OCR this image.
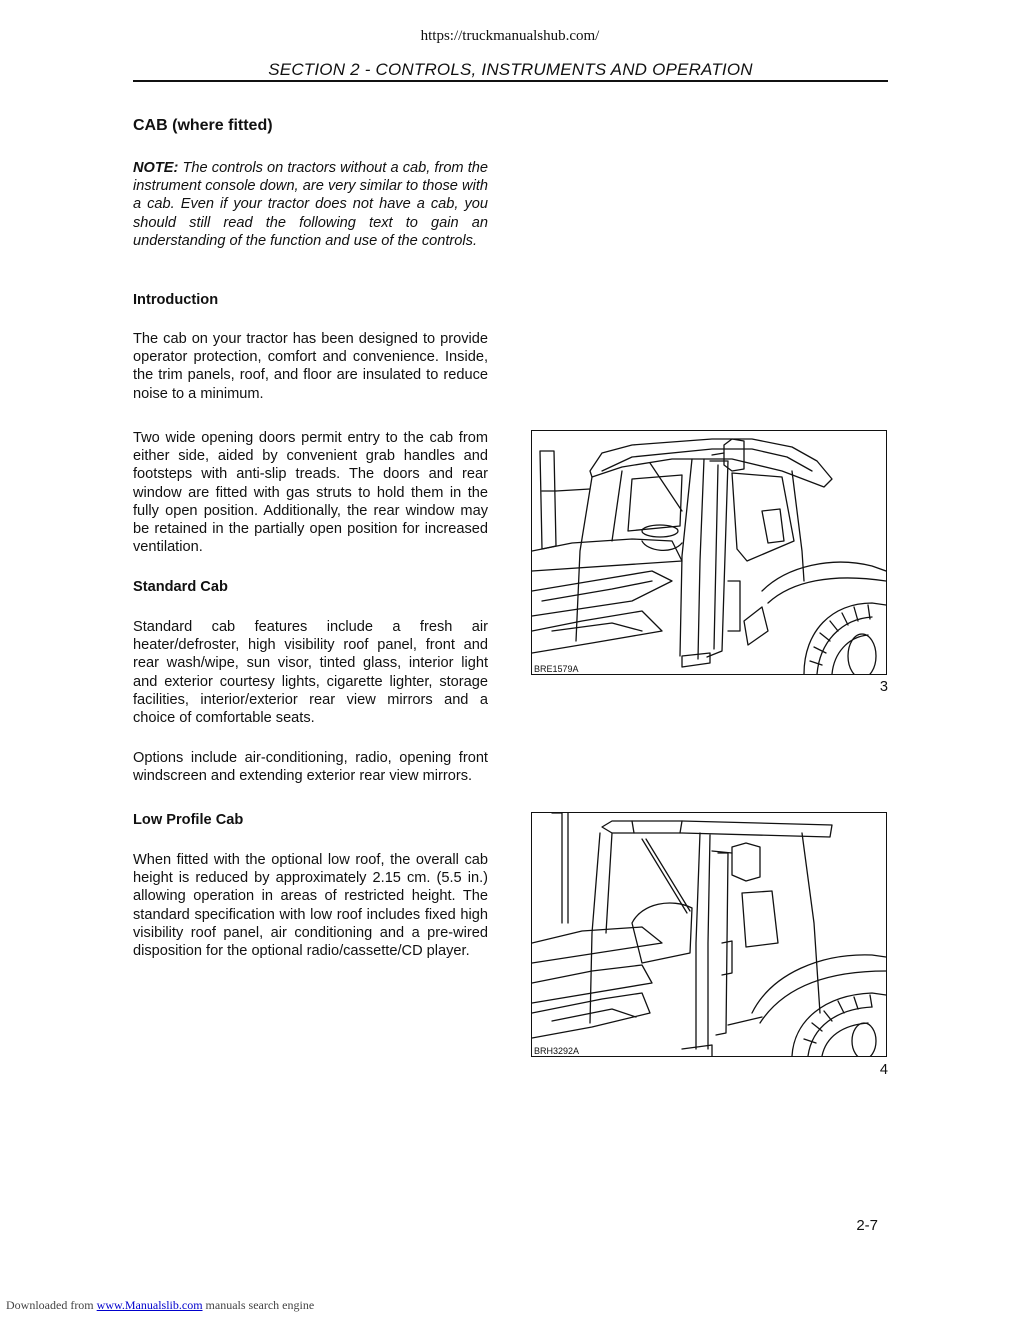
https://truckmanualshub.com/
SECTION 2 - CONTROLS, INSTRUMENTS AND OPERATION
CAB (where fitted)

NOTE: The controls on tractors without a cab, from the instrument console down, are very similar to those with a cab. Even if your tractor does not have a cab, you should still read the following text to gain an understanding of the function and use of the controls.

Introduction

The cab on your tractor has been designed to provide operator protection, comfort and convenience. Inside, the trim panels, roof, and floor are insulated to reduce noise to a minimum.

Two wide opening doors permit entry to the cab from either side, aided by convenient grab handles and footsteps with anti-slip treads. The doors and rear window are fitted with gas struts to hold them in the fully open position. Additionally, the rear window may be retained in the partially open position for increased ventilation.

Standard Cab

Standard cab features include a fresh air heater/defroster, high visibility roof panel, front and rear wash/wipe, sun visor, tinted glass, interior light and exterior courtesy lights, cigarette lighter, storage facilities, interior/exterior rear view mirrors and a choice of comfortable seats.

Options include air-conditioning, radio, opening front windscreen and extending exterior rear view mirrors.

Low Profile Cab

When fitted with the optional low roof, the overall cab height is reduced by approximately 2.15 cm. (5.5 in.) allowing operation in areas of restricted height. The standard specification with low roof includes fixed high visibility roof panel, air conditioning and a pre-wired disposition for the optional radio/cassette/CD player.

BRE1579A
3
BRH3292A
4
2-7
Downloaded from www.Manualslib.com manuals search engine
